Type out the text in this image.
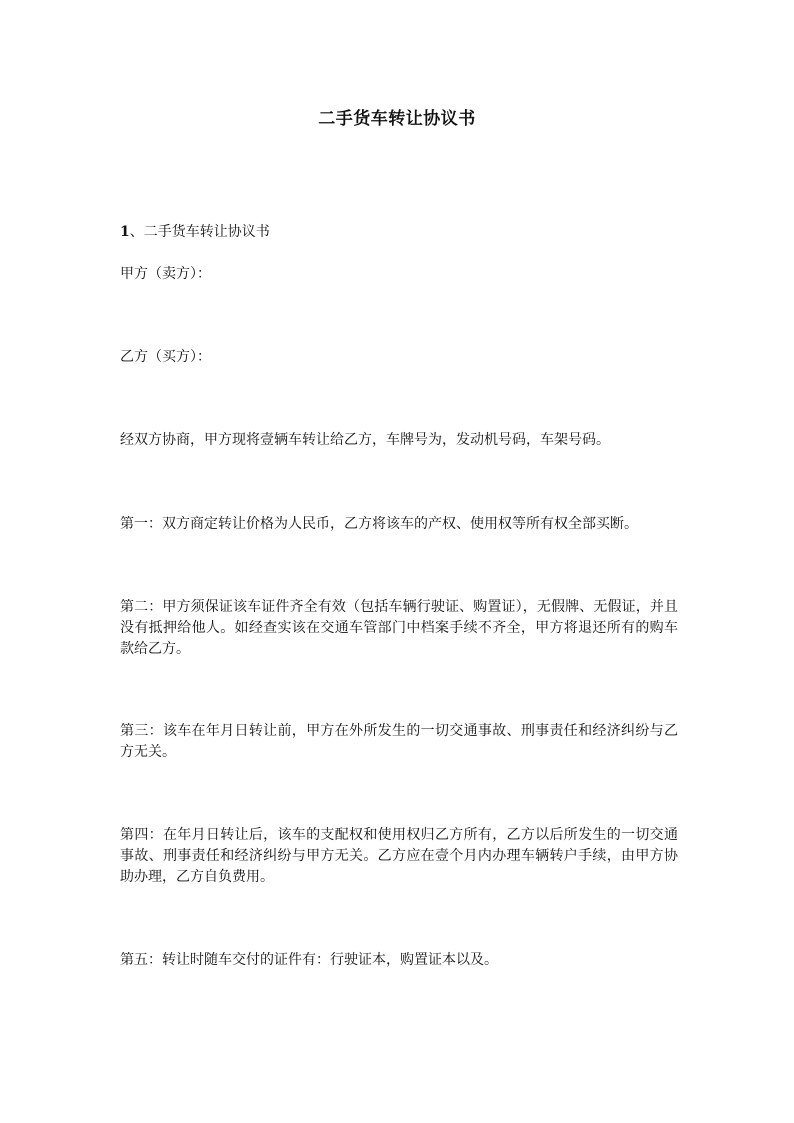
二手货车转让协议书
1、二手货车转让协议书
甲方（卖方）：
乙方（买方）：
经双方协商，甲方现将壹辆车转让给乙方，车牌号为，发动机号码，车架号码。
第一：双方商定转让价格为人民币，乙方将该车的产权、使用权等所有权全部买断。
第二：甲方须保证该车证件齐全有效（包括车辆行驶证、购置证），无假牌、无假证，并且没有抵押给他人。如经查实该在交通车管部门中档案手续不齐全，甲方将退还所有的购车款给乙方。
第三：该车在年月日转让前，甲方在外所发生的一切交通事故、刑事责任和经济纠纷与乙方无关。
第四：在年月日转让后，该车的支配权和使用权归乙方所有，乙方以后所发生的一切交通事故、刑事责任和经济纠纷与甲方无关。乙方应在壹个月内办理车辆转户手续，由甲方协助办理，乙方自负费用。
第五：转让时随车交付的证件有：行驶证本，购置证本以及。
